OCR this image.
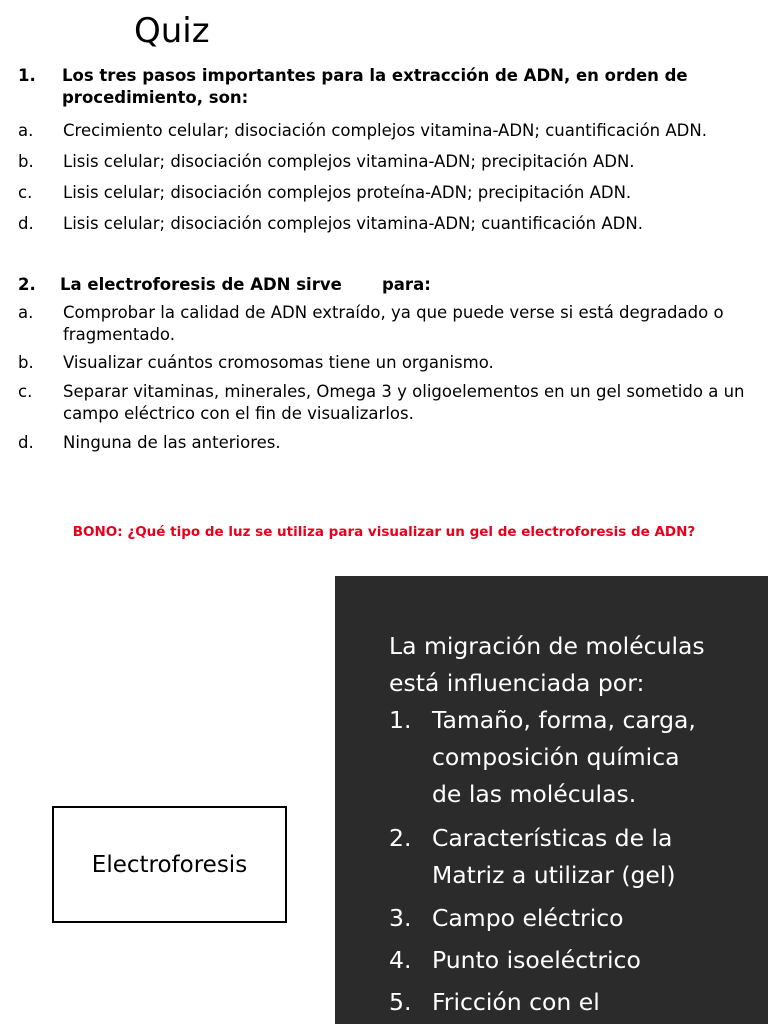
Quiz
1. Los tres pasos importantes para la extracción de ADN, en orden de procedimiento, son:
a. Crecimiento celular; disociación complejos vitamina-ADN; cuantificación ADN.
b. Lisis celular; disociación complejos vitamina-ADN; precipitación ADN.
c. Lisis celular; disociación complejos proteína-ADN; precipitación ADN.
d. Lisis celular; disociación complejos vitamina-ADN; cuantificación ADN.
2. La electroforesis de ADN sirve       para:
a. Comprobar la calidad de ADN extraído, ya que puede verse si está degradado o fragmentado.
b. Visualizar cuántos cromosomas tiene un organismo.
c. Separar vitaminas, minerales, Omega 3 y oligoelementos en un gel sometido a un campo eléctrico con el fin de visualizarlos.
d. Ninguna de las anteriores.
BONO: ¿Qué tipo de luz se utiliza para visualizar un gel de electroforesis de ADN?
Electroforesis
La migración de moléculas está influenciada por:
1. Tamaño, forma, carga, composición química de las moléculas.
2. Características de la Matriz a utilizar (gel)
3. Campo eléctrico
4. Punto isoeléctrico
5. Fricción con el
